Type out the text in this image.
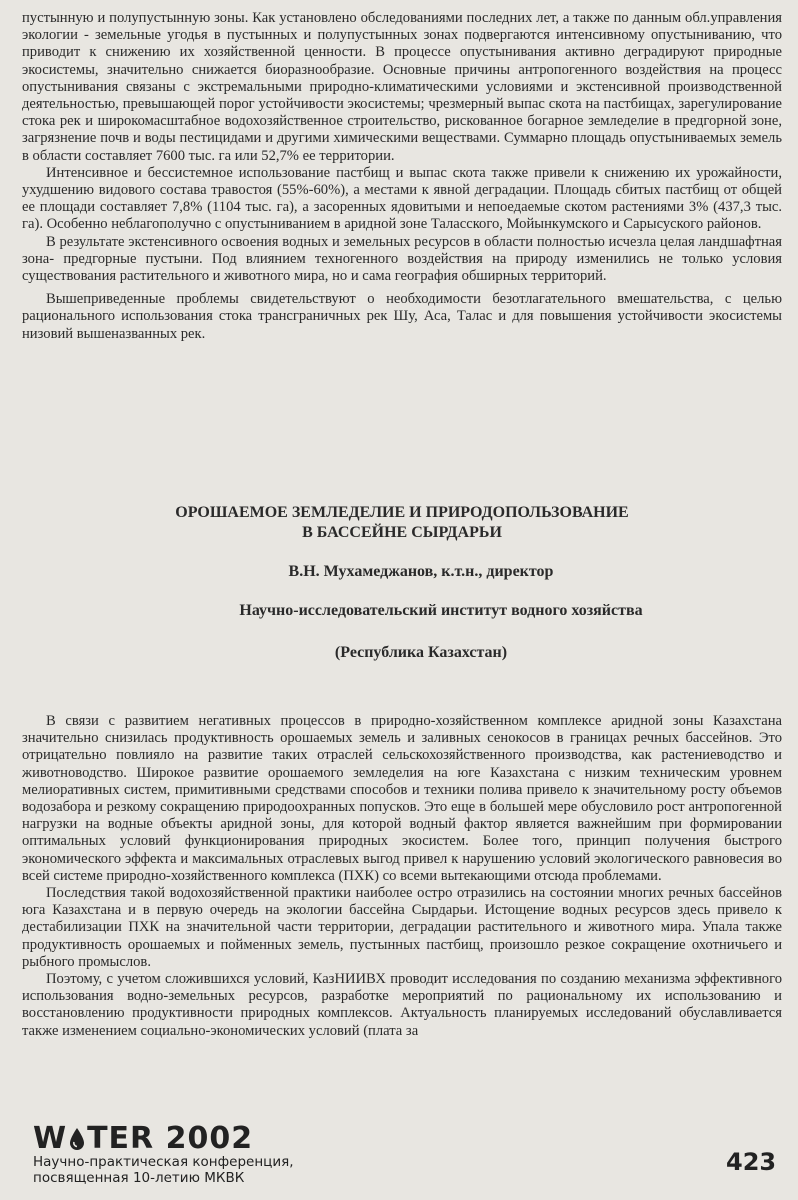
пустынную и полупустынную зоны. Как установлено обследованиями последних лет, а также по данным обл.управления экологии - земельные угодья в пустынных и полупустынных зонах подвергаются интенсивному опустыниванию, что приводит к снижению их хозяйственной ценности. В процессе опустынивания активно деградируют природные экосистемы, значительно снижается биоразнообразие. Основные причины антропогенного воздействия на процесс опустынивания связаны с экстремальными природно-климатическими условиями и экстенсивной производственной деятельностью, превышающей порог устойчивости экосистемы; чрезмерный выпас скота на пастбищах, зарегулирование стока рек и широкомасштабное водохозяйственное строительство, рискованное богарное земледелие в предгорной зоне, загрязнение почв и воды пестицидами и другими химическими веществами. Суммарно площадь опустыниваемых земель в области составляет 7600 тыс. га или 52,7% ее территории.

Интенсивное и бессистемное использование пастбищ и выпас скота также привели к снижению их урожайности, ухудшению видового состава травостоя (55%-60%), а местами к явной деградации. Площадь сбитых пастбищ от общей ее площади составляет 7,8% (1104 тыс. га), а засоренных ядовитыми и непоедаемые скотом растениями 3% (437,3 тыс. га). Особенно неблагополучно с опустыниванием в аридной зоне Таласского, Мойынкумского и Сарысуского районов.

В результате экстенсивного освоения водных и земельных ресурсов в области полностью исчезла целая ландшафтная зона- предгорные пустыни. Под влиянием техногенного воздействия на природу изменились не только условия существования растительного и животного мира, но и сама география обширных территорий.

Вышеприведенные проблемы свидетельствуют о необходимости безотлагательного вмешательства, с целью рационального использования стока трансграничных рек Шу, Аса, Талас и для повышения устойчивости экосистемы низовий вышеназванных рек.

ОРОШАЕМОЕ ЗЕМЛЕДЕЛИЕ И ПРИРОДОПОЛЬЗОВАНИЕ
В БАССЕЙНЕ СЫРДАРЬИ
В.Н. Мухамеджанов, к.т.н., директор
Научно-исследовательский институт водного хозяйства
(Республика Казахстан)

В связи с развитием негативных процессов в природно-хозяйственном комплексе аридной зоны Казахстана значительно снизилась продуктивность орошаемых земель и заливных сенокосов в границах речных бассейнов. Это отрицательно повлияло на развитие таких отраслей сельскохозяйственного производства, как растениеводство и животноводство. Широкое развитие орошаемого земледелия на юге Казахстана с низким техническим уровнем мелиоративных систем, примитивными средствами способов и техники полива привело к значительному росту объемов водозабора и резкому сокращению природоохранных попусков. Это еще в большей мере обусловило рост антропогенной нагрузки на водные объекты аридной зоны, для которой водный фактор является важнейшим при формировании оптимальных условий функционирования природных экосистем. Более того, принцип получения быстрого экономического эффекта и максимальных отраслевых выгод привел к нарушению условий экологического равновесия во всей системе природно-хозяйственного комплекса (ПХК) со всеми вытекающими отсюда проблемами.

Последствия такой водохозяйственной практики наиболее остро отразились на состоянии многих речных бассейнов юга Казахстана и в первую очередь на экологии бассейна Сырдарьи. Истощение водных ресурсов здесь привело к дестабилизации ПХК на значительной части территории, деградации растительного и животного мира. Упала также продуктивность орошаемых и пойменных земель, пустынных пастбищ, произошло резкое сокращение охотничьего и рыбного промыслов.

Поэтому, с учетом сложившихся условий, КазНИИВХ проводит исследования по созданию механизма эффективного использования водно-земельных ресурсов, разработке мероприятий по рациональному их использованию и восстановлению продуктивности природных комплексов. Актуальность планируемых исследований обуславливается также изменением социально-экономических условий (плата за

W TER 2002
Научно-практическая конференция,
посвященная 10-летию МКВК
423
